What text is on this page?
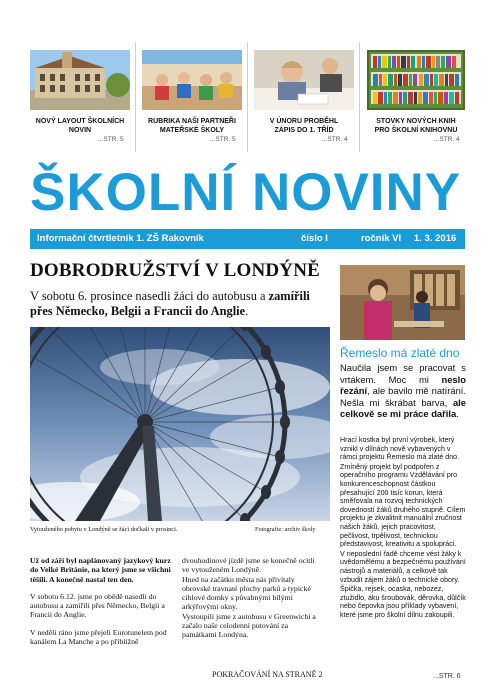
NOVÝ LAYOUT ŠKOLNÍCH
NOVIN
...STR. 5
RUBRIKA NAŠI PARTNEŘI
MATEŘSKÉ ŠKOLY
...STR. 5
V ÚNORU PROBĚHL
ZÁPIS DO 1. TŘÍD
...STR. 4
STOVKY NOVÝCH KNIH
PRO ŠKOLNÍ KNIHOVNU
...STR. 4
ŠKOLNÍ NOVINY
Informační čtvrtletník 1. ZŠ Rakovník	číslo I	ročník VI 1. 3. 2016
DOBRODRUŽSTVÍ V LONDÝNĚ
V sobotu 6. prosince nasedli žáci do autobusu a zamířili přes Německo, Belgii a Francii do Anglie.
Vytouženého pobytu v Londýně se žáci dočkali v prosinci.	Fotografie: archiv školy

Už od září byl naplánovaný jazykový kurz do Velké Británie, na který jsme se všichni těšili. A konečně nastal ten den.

V sobotu 6.12. jsme po obědě nasedli do autobusu a zamířili přes Německo, Belgii a Francii do Anglie.

V neděli ráno jsme přejeli Eurotunelem pod kanálem La Manche a po přibližně

dvouhodinové jízdě jsme se konečně ocitli ve vytouženém Londýně.

Hned na začátku města nás přivítaly obrovské travnaté plochy parků a typické cihlové domky s půvabnými bílými arkýřovými okny.

Vystoupili jsme z autobusu v Greenwichi a začalo naše celodenní putování za památkami Londýna.

POKRAČOVÁNÍ NA STRANĚ 2
Řemeslo má zlaté dno
Naučila jsem se pracovat s vrtákem. Moc mi neslo řezání, ale bavilo mě natírání. Nešla mi škrábat barva, ale celkově se mi práce dařila.

Hrací kostka byl první výrobek, který vznikl v dílnách nově vybavených v rámci projektu Řemeslo má zlaté dno.

Zmíněný projekt byl podpořen z operačního programu Vzdělávání pro konkurenceschopnost částkou přesahující 200 tisíc korun, která směřovala na rozvoj technických dovedností žáků druhého stupně. Cílem projektu je zkvalitnit manuální zručnost našich žáků, jejich pracovitost, pečlivost, trpělivost, technickou představivost, kreativitu a spolupráci.

V neposlední řadě chceme vést žáky k uvědomělému a bezpečnému používání nástrojů a materiálů, a celkově tak vzbudit zájem žáků o technické obory.

Špička, rejsek, ocaska, nebozez, ztužidlo, áku šroubovák, děrovka, důlčík nebo čepovka jsou příklady vybavení, které jsme pro školní dílnu zakoupili.

...STR. 6
